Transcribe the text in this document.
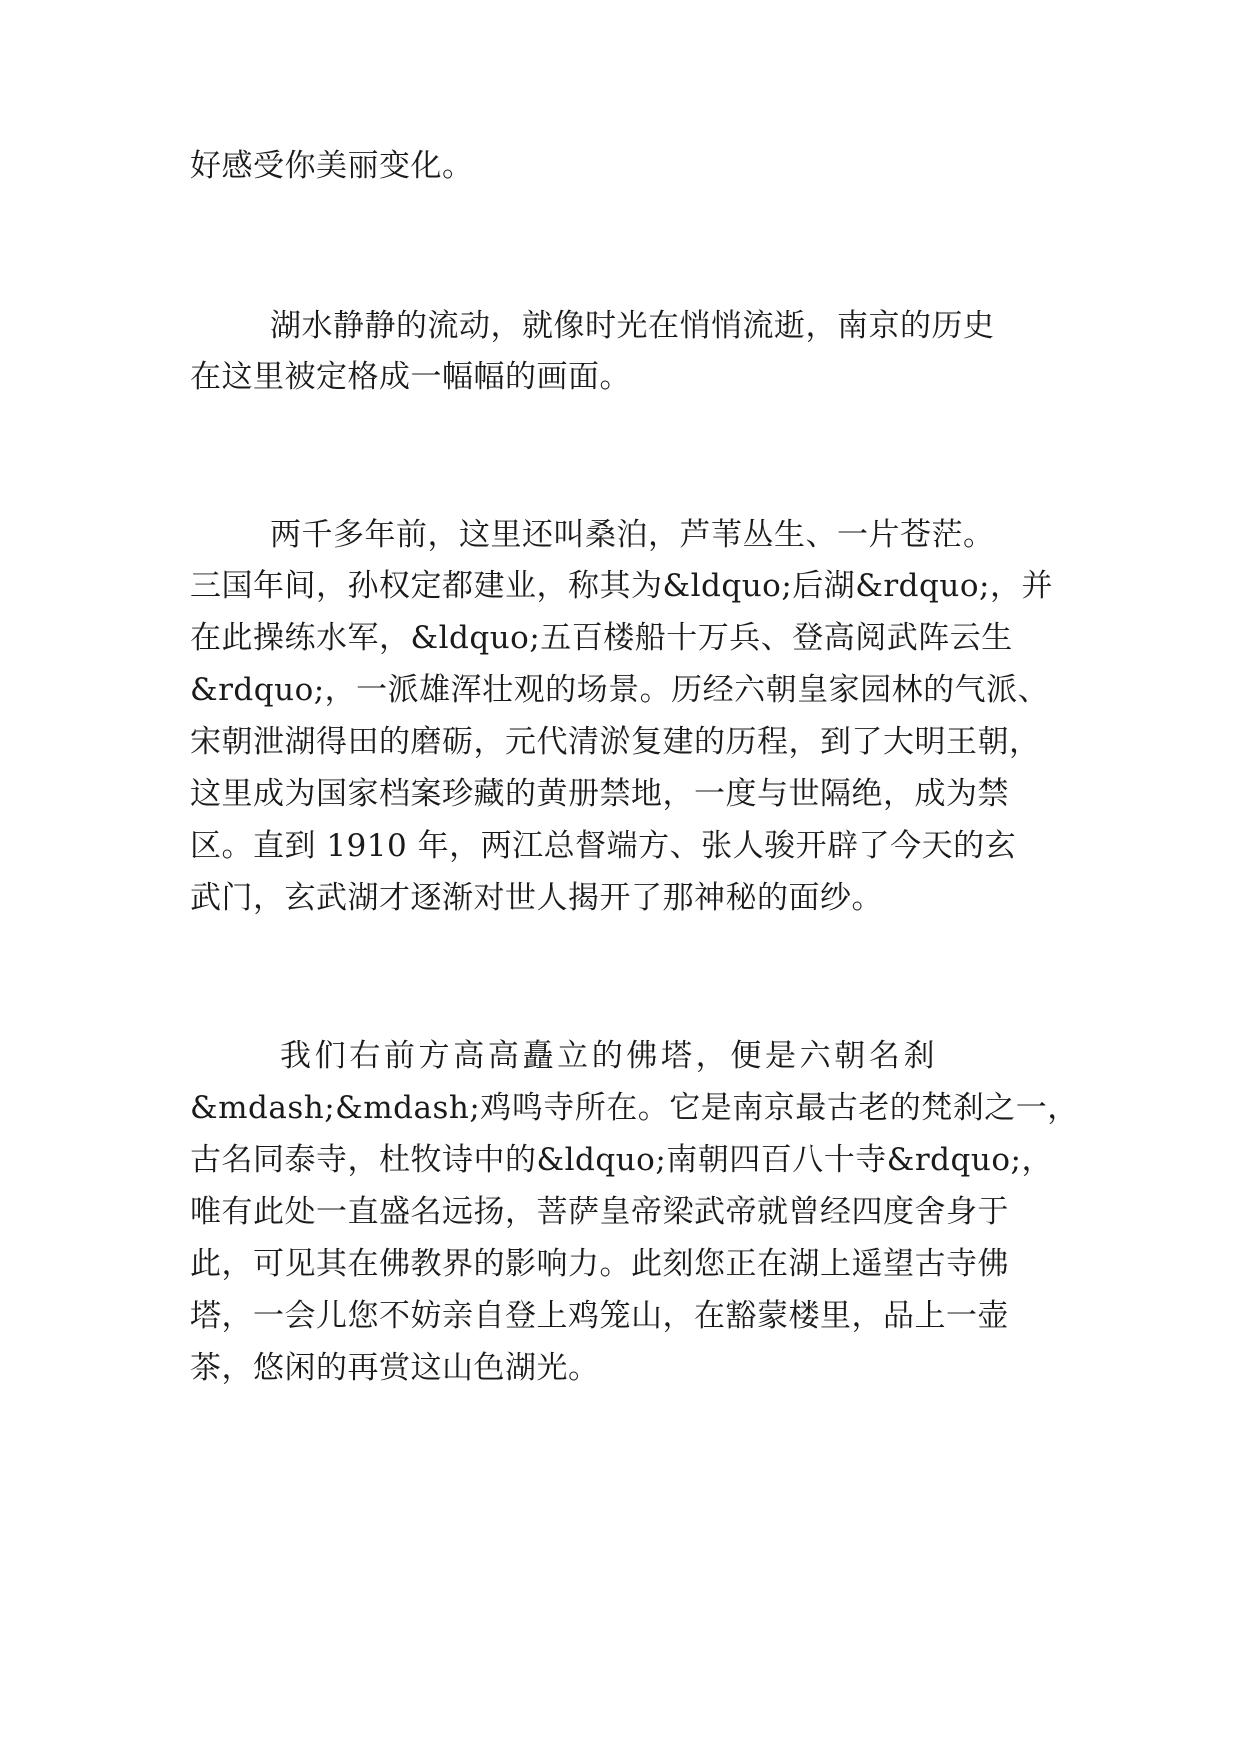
好感受你美丽变化。
湖水静静的流动，就像时光在悄悄流逝，南京的历史
在这里被定格成一幅幅的画面。
两千多年前，这里还叫桑泊，芦苇丛生、一片苍茫。
三国年间，孙权定都建业，称其为&ldquo;后湖&rdquo;，并
在此操练水军，&ldquo;五百楼船十万兵、登高阅武阵云生
&rdquo;，一派雄浑壮观的场景。历经六朝皇家园林的气派、
宋朝泄湖得田的磨砺，元代清淤复建的历程，到了大明王朝，
这里成为国家档案珍藏的黄册禁地，一度与世隔绝，成为禁
区。直到 1910 年，两江总督端方、张人骏开辟了今天的玄
武门，玄武湖才逐渐对世人揭开了那神秘的面纱。
我们右前方高高矗立的佛塔，便是六朝名刹
&mdash;&mdash;鸡鸣寺所在。它是南京最古老的梵刹之一，
古名同泰寺，杜牧诗中的&ldquo;南朝四百八十寺&rdquo;，
唯有此处一直盛名远扬，菩萨皇帝梁武帝就曾经四度舍身于
此，可见其在佛教界的影响力。此刻您正在湖上遥望古寺佛
塔，一会儿您不妨亲自登上鸡笼山，在豁蒙楼里，品上一壶
茶，悠闲的再赏这山色湖光。
